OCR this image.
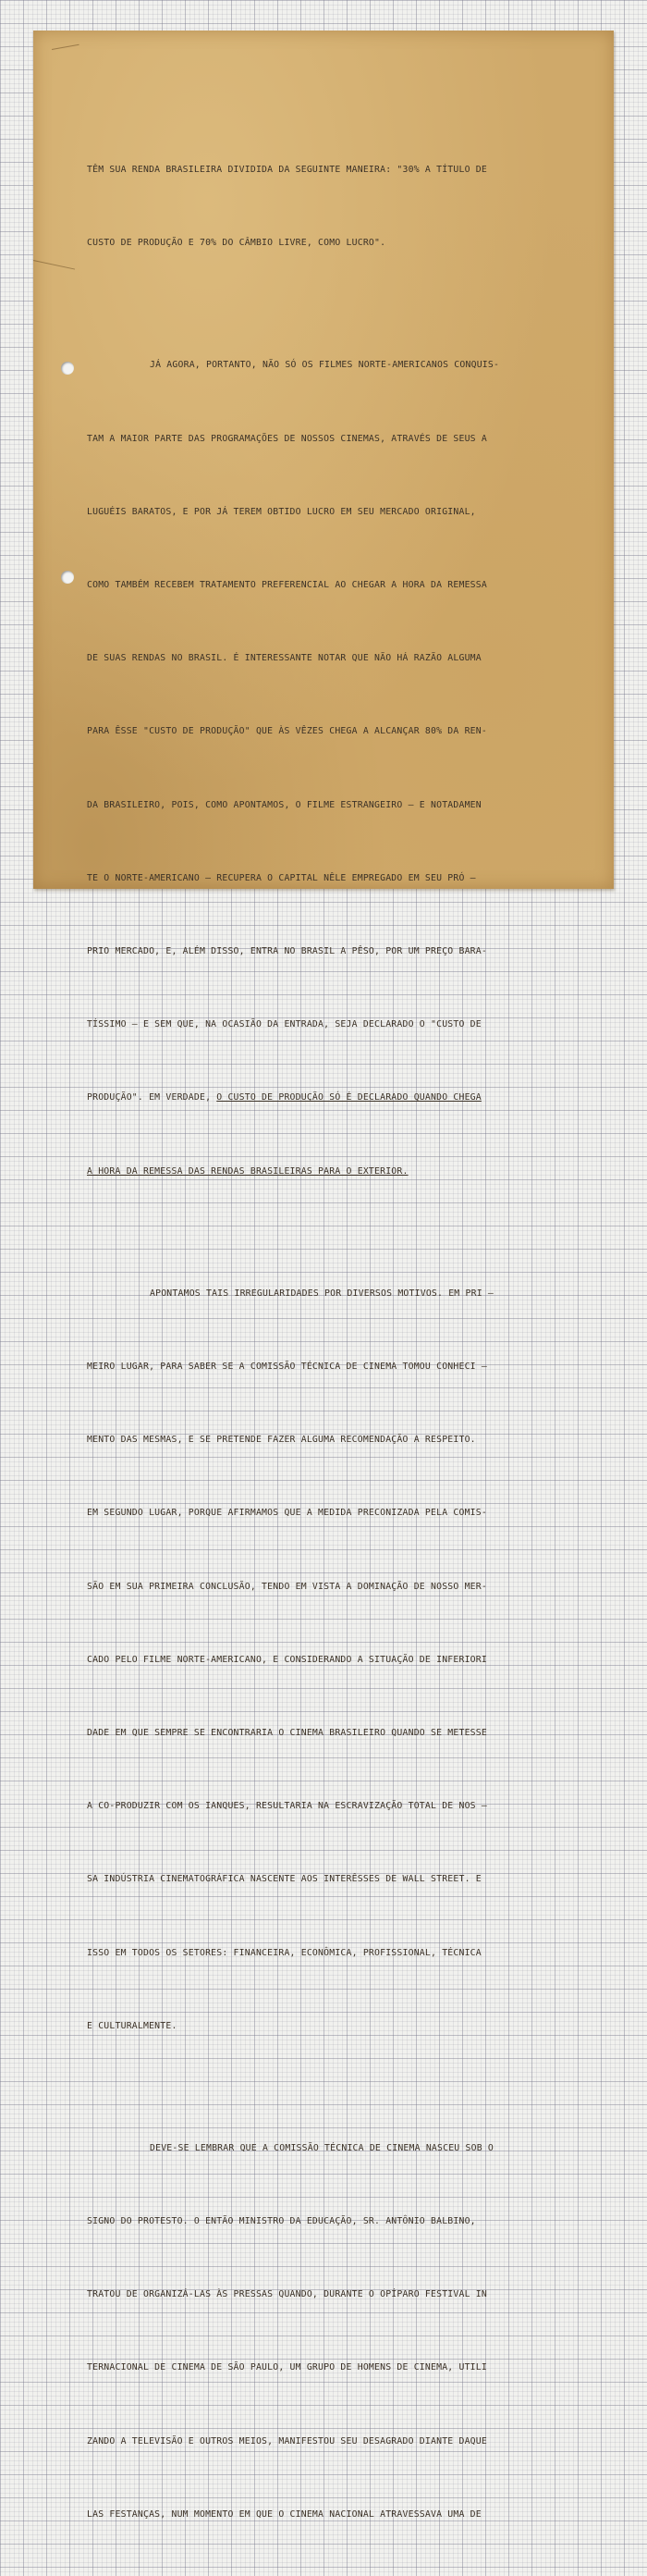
TÊM SUA RENDA BRASILEIRA DIVIDIDA DA SEGUINTE MANEIRA: "30% A TÍTULO DE

CUSTO DE PRODUÇÃO E 70% DO CÂMBIO LIVRE, COMO LUCRO".

JÁ AGORA, PORTANTO, NÃO SÓ OS FILMES NORTE-AMERICANOS CONQUIS-

TAM A MAIOR PARTE DAS PROGRAMAÇÕES DE NOSSOS CINEMAS, ATRAVÉS DE SEUS A

LUGUÉIS BARATOS, E POR JÁ TEREM OBTIDO LUCRO EM SEU MERCADO ORIGINAL,

COMO TAMBÉM RECEBEM TRATAMENTO PREFERENCIAL AO CHEGAR A HORA DA REMESSA

DE SUAS RENDAS NO BRASIL. É INTERESSANTE NOTAR QUE NÃO HÁ RAZÃO ALGUMA

PARA ÊSSE "CUSTO DE PRODUÇÃO" QUE ÀS VÊZES CHEGA A ALCANÇAR 80% DA REN-

DA BRASILEIRO, POIS, COMO APONTAMOS, O FILME ESTRANGEIRO — E NOTADAMEN

TE O NORTE-AMERICANO — RECUPERA O CAPITAL NÊLE EMPREGADO EM SEU PRÓ —

PRIO MERCADO, E, ALÉM DISSO, ENTRA NO BRASIL A PÊSO, POR UM PREÇO BARA-

TÍSSIMO — E SEM QUE, NA OCASIÃO DA ENTRADA, SEJA DECLARADO O "CUSTO DE

PRODUÇÃO". EM VERDADE, O CUSTO DE PRODUÇÃO SÓ É DECLARADO QUANDO CHEGA

A HORA DA REMESSA DAS RENDAS BRASILEIRAS PARA O EXTERIOR.

APONTAMOS TAIS IRREGULARIDADES POR DIVERSOS MOTIVOS. EM PRI —

MEIRO LUGAR, PARA SABER SE A COMISSÃO TÉCNICA DE CINEMA TOMOU CONHECI —

MENTO DAS MESMAS, E SE PRETENDE FAZER ALGUMA RECOMENDAÇÃO A RESPEITO.

EM SEGUNDO LUGAR, PORQUE AFIRMAMOS QUE A MEDIDA PRECONIZADA PELA COMIS-

SÃO EM SUA PRIMEIRA CONCLUSÃO, TENDO EM VISTA A DOMINAÇÃO DE NOSSO MER-

CADO PELO FILME NORTE-AMERICANO, E CONSIDERANDO A SITUAÇÃO DE INFERIORI

DADE EM QUE SEMPRE SE ENCONTRARIA O CINEMA BRASILEIRO QUANDO SE METESSE

A CO-PRODUZIR COM OS IANQUES, RESULTARIA NA ESCRAVIZAÇÃO TOTAL DE NOS —

SA INDÚSTRIA CINEMATOGRÁFICA NASCENTE AOS INTERÊSSES DE WALL STREET. E

ISSO EM TODOS OS SETORES: FINANCEIRA, ECONÔMICA, PROFISSIONAL, TÉCNICA

E CULTURALMENTE.

DEVE-SE LEMBRAR QUE A COMISSÃO TÉCNICA DE CINEMA NASCEU SOB O

SIGNO DO PROTESTO. O ENTÃO MINISTRO DA EDUCAÇÃO, SR. ANTÔNIO BALBINO,

TRATOU DE ORGANIZÁ-LAS ÀS PRESSAS QUANDO, DURANTE O OPÍPARO FESTIVAL IN

TERNACIONAL DE CINEMA DE SÃO PAULO, UM GRUPO DE HOMENS DE CINEMA, UTILI

ZANDO A TELEVISÃO E OUTROS MEIOS, MANIFESTOU SEU DESAGRADO DIANTE DAQUE

LAS FESTANÇAS, NUM MOMENTO EM QUE O CINEMA NACIONAL ATRAVESSAVA UMA DE
